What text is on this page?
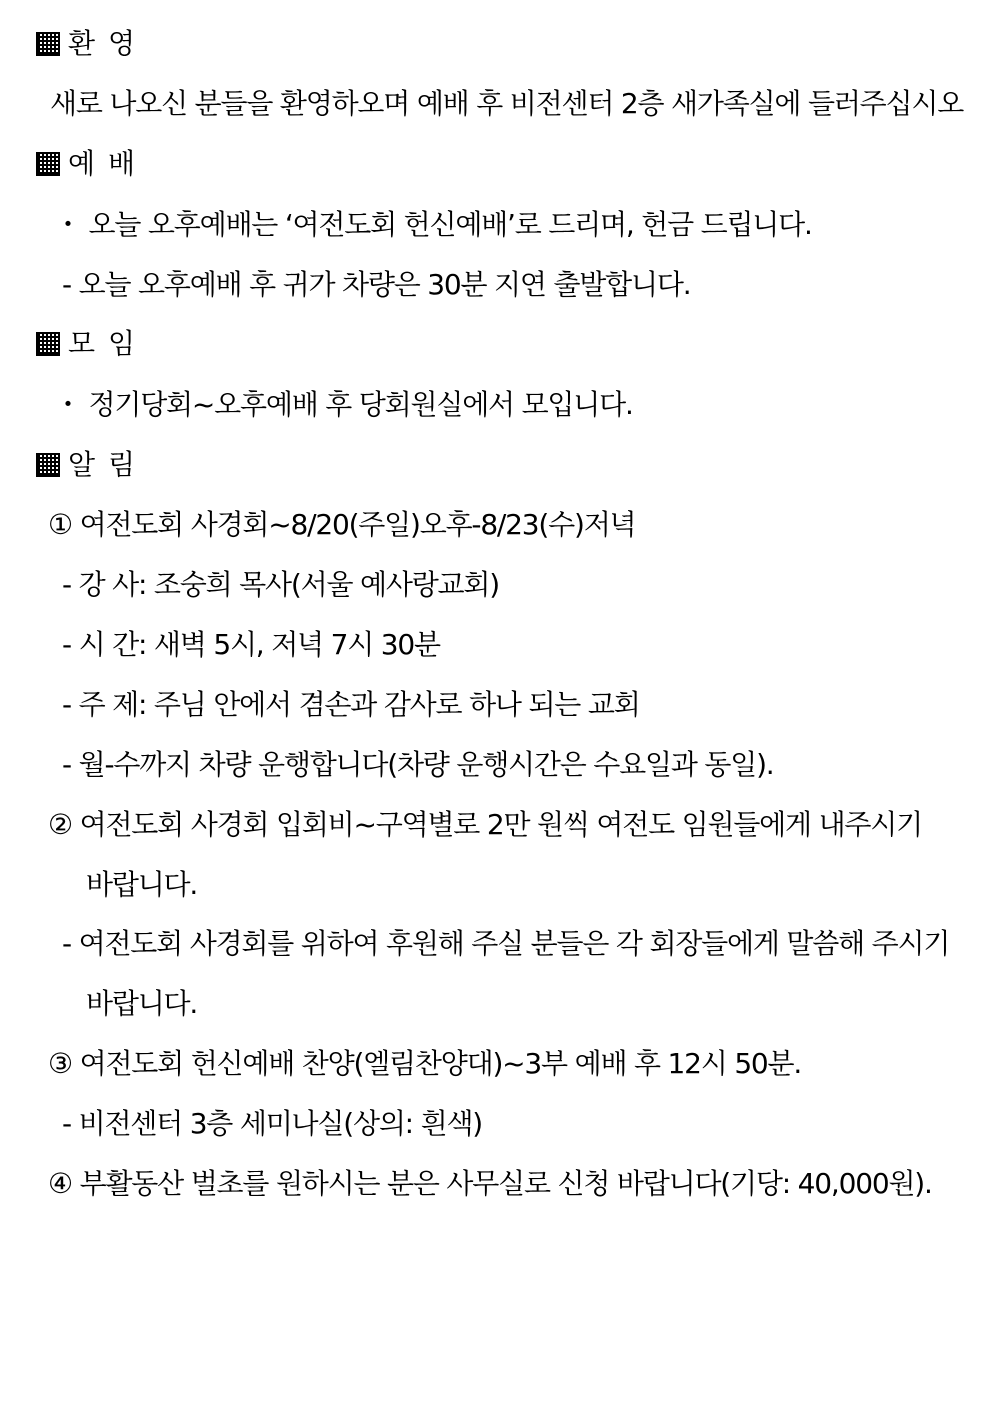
환 영
새로 나오신 분들을 환영하오며 예배 후 비전센터 2층 새가족실에 들러주십시오
예 배
・ 오늘 오후예배는 ‘여전도회 헌신예배’로 드리며, 헌금 드립니다.
- 오늘 오후예배 후 귀가 차량은 30분 지연 출발합니다.
모 임
・ 정기당회~오후예배 후 당회원실에서 모입니다.
알 림
① 여전도회 사경회~8/20(주일)오후-8/23(수)저녁
- 강 사: 조숭희 목사(서울 예사랑교회)
- 시 간: 새벽 5시, 저녁 7시 30분
- 주 제: 주님 안에서 겸손과 감사로 하나 되는 교회
- 월-수까지 차량 운행합니다(차량 운행시간은 수요일과 동일).
② 여전도회 사경회 입회비~구역별로 2만 원씩 여전도 임원들에게 내주시기
바랍니다.
- 여전도회 사경회를 위하여 후원해 주실 분들은 각 회장들에게 말씀해 주시기
바랍니다.
③ 여전도회 헌신예배 찬양(엘림찬양대)~3부 예배 후 12시 50분.
- 비전센터 3층 세미나실(상의: 흰색)
④ 부활동산 벌초를 원하시는 분은 사무실로 신청 바랍니다(기당: 40,000원).
